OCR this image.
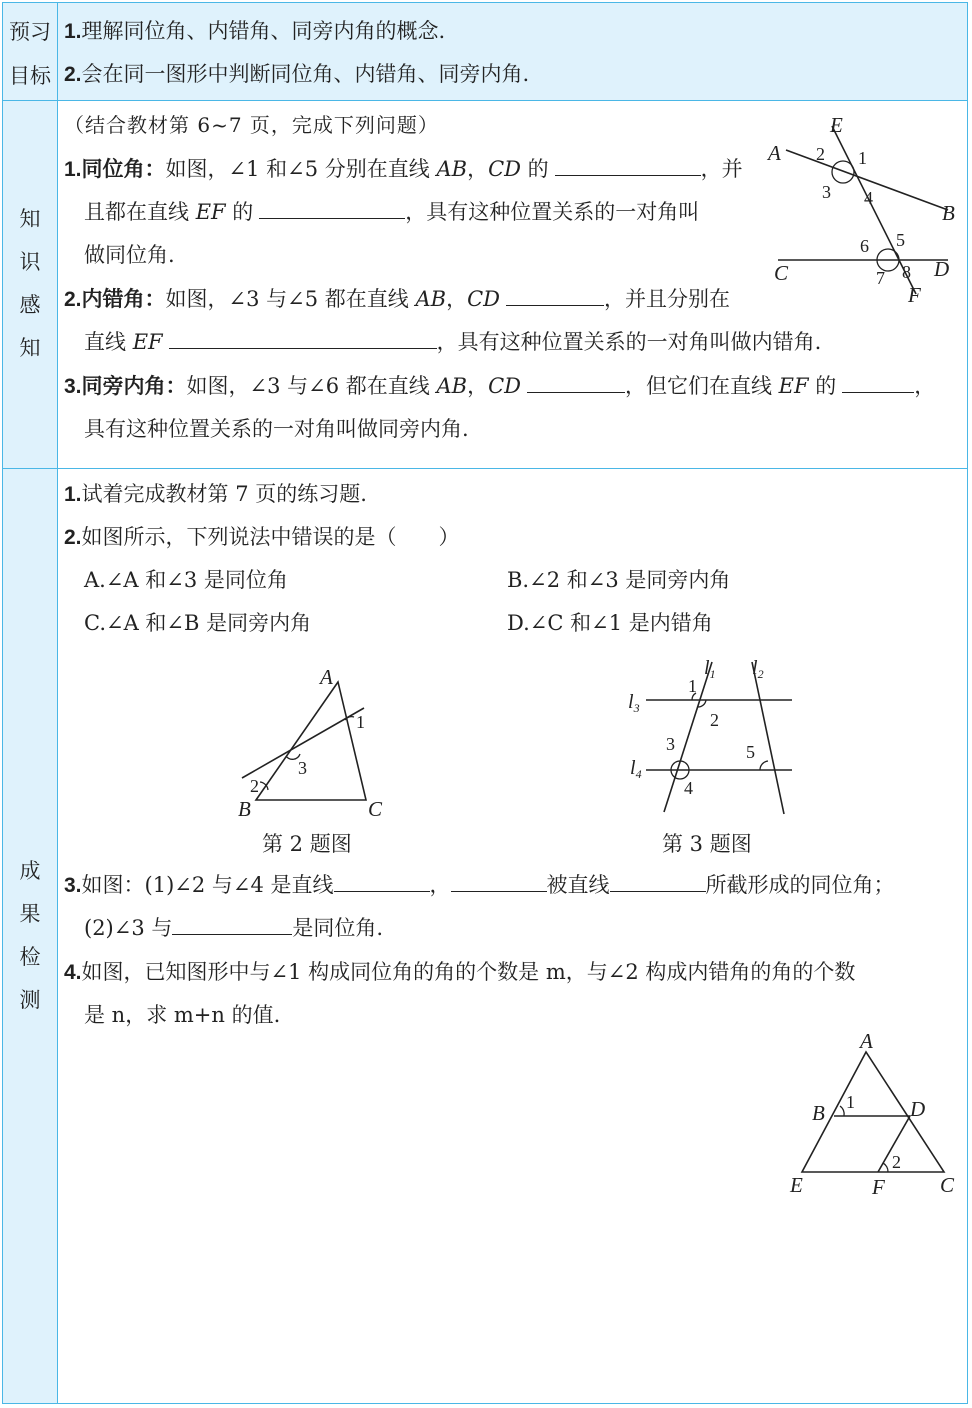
预习
目标
1.理解同位角、内错角、同旁内角的概念.
2.会在同一图形中判断同位角、内错角、同旁内角.
知
识
感
知
（结合教材第 6~7 页，完成下列问题）
1.同位角：如图，∠1 和∠5 分别在直线 AB，CD 的	，并
且都在直线 EF 的	，具有这种位置关系的一对角叫
做同位角.
2.内错角：如图，∠3 与∠5 都在直线 AB，CD	，并且分别在
直线 EF	，具有这种位置关系的一对角叫做内错角.
3.同旁内角：如图，∠3 与∠6 都在直线 AB，CD	，但它们在直线 EF 的	，
具有这种位置关系的一对角叫做同旁内角.
E
A
B
C	D
F
1
2
3 4
5
6
7 8
成
果
检
测
1.试着完成教材第 7 页的练习题.
2.如图所示，下列说法中错误的是（　　）
A.∠A 和∠3 是同位角	B.∠2 和∠3 是同旁内角
C.∠A 和∠B 是同旁内角	D.∠C 和∠1 是内错角
A
B	C
1
2
3
第 2 题图
$l_1$ $l_2$
$l_3$
$l_4$
1
2
3
4
5
第 3 题图
3.如图：(1)∠2 与∠4 是直线	，	被直线	所截形成的同位角；
(2)∠3 与	是同位角.
4.如图，已知图形中与∠1 构成同位角的角的个数是 m，与∠2 构成内错角的角的个数
是 n，求 m+n 的值.
A
B	D
E	F	C
1
2
